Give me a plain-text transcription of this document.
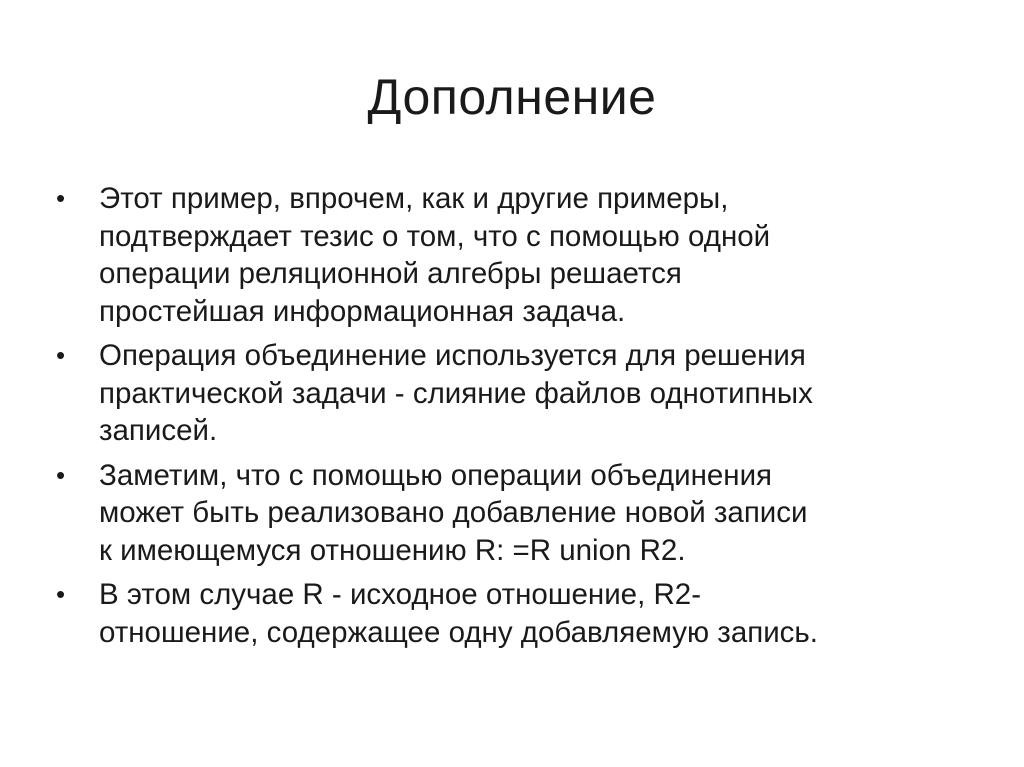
Дополнение
•	Этот пример, впрочем, как и другие примеры,
подтверждает тезис о том, что с помощью одной
операции реляционной алгебры решается
простейшая информационная задача.
•	Операция объединение используется для решения
практической задачи - слияние файлов однотипных
записей.
•	Заметим, что с помощью операции объединения
может быть реализовано добавление новой записи
к имеющемуся отношению R: =R union R2.
•	В этом случае R - исходное отношение, R2-
отношение, содержащее одну добавляемую запись.
